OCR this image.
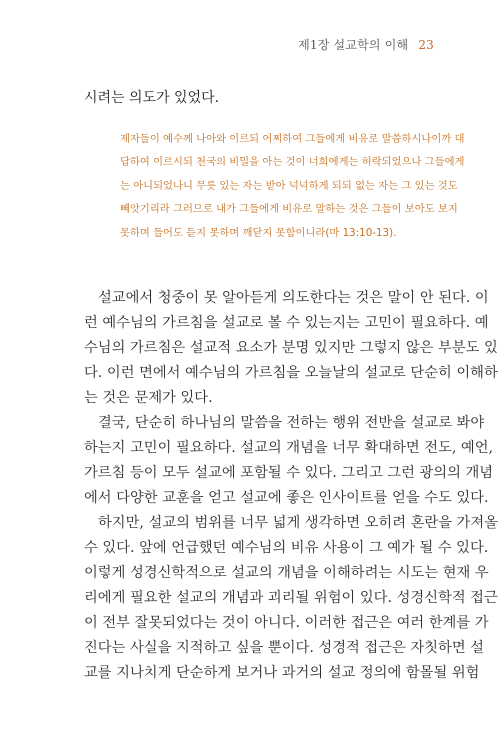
제1장 설교학의 이해 23
시려는 의도가 있었다.
제자들이 예수께 나아와 이르되 어찌하여 그들에게 비유로 말씀하시나이까 대
답하여 이르시되 천국의 비밀을 아는 것이 너희에게는 허락되었으나 그들에게
는 아니되었나니 무릇 있는 자는 받아 넉넉하게 되되 없는 자는 그 있는 것도
빼앗기리라 그러므로 내가 그들에게 비유로 말하는 것은 그들이 보아도 보지
못하며 들어도 듣지 못하며 깨닫지 못함이니라(마 13:10-13).
설교에서 청중이 못 알아듣게 의도한다는 것은 말이 안 된다. 이
런 예수님의 가르침을 설교로 볼 수 있는지는 고민이 필요하다. 예
수님의 가르침은 설교적 요소가 분명 있지만 그렇지 않은 부분도 있
다. 이런 면에서 예수님의 가르침을 오늘날의 설교로 단순히 이해하
는 것은 문제가 있다.
결국, 단순히 하나님의 말씀을 전하는 행위 전반을 설교로 봐야
하는지 고민이 필요하다. 설교의 개념을 너무 확대하면 전도, 예언,
가르침 등이 모두 설교에 포함될 수 있다. 그리고 그런 광의의 개념
에서 다양한 교훈을 얻고 설교에 좋은 인사이트를 얻을 수도 있다.
하지만, 설교의 범위를 너무 넓게 생각하면 오히려 혼란을 가져올
수 있다. 앞에 언급했던 예수님의 비유 사용이 그 예가 될 수 있다.
이렇게 성경신학적으로 설교의 개념을 이해하려는 시도는 현재 우
리에게 필요한 설교의 개념과 괴리될 위험이 있다. 성경신학적 접근
이 전부 잘못되었다는 것이 아니다. 이러한 접근은 여러 한계를 가
진다는 사실을 지적하고 싶을 뿐이다. 성경적 접근은 자칫하면 설
교를 지나치게 단순하게 보거나 과거의 설교 정의에 함몰될 위험
